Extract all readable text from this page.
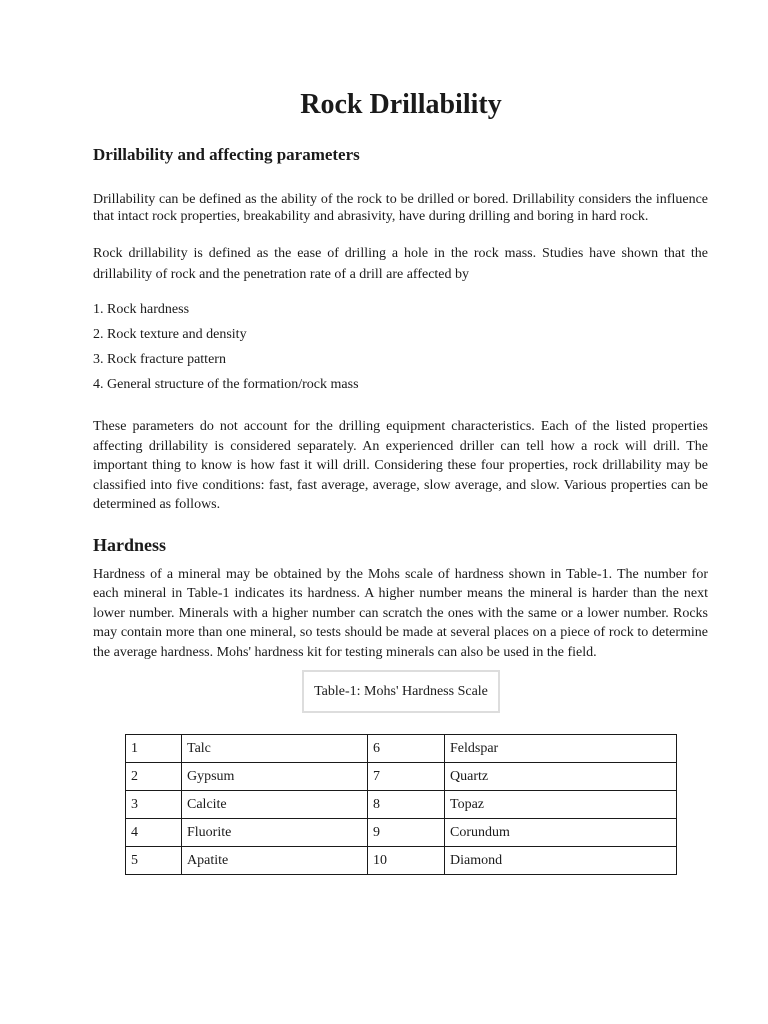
Rock Drillability
Drillability and affecting parameters

Drillability can be defined as the ability of the rock to be drilled or bored. Drillability considers the influence that intact rock properties, breakability and abrasivity, have during drilling and boring in hard rock.

Rock drillability is defined as the ease of drilling a hole in the rock mass. Studies have shown that the drillability of rock and the penetration rate of a drill are affected by

1. Rock hardness
2. Rock texture and density
3. Rock fracture pattern
4. General structure of the formation/rock mass

These parameters do not account for the drilling equipment characteristics. Each of the listed properties affecting drillability is considered separately. An experienced driller can tell how a rock will drill. The important thing to know is how fast it will drill. Considering these four properties, rock drillability may be classified into five conditions: fast, fast average, average, slow average, and slow. Various properties can be determined as follows.

Hardness

Hardness of a mineral may be obtained by the Mohs scale of hardness shown in Table-1. The number for each mineral in Table-1 indicates its hardness. A higher number means the mineral is harder than the next lower number. Minerals with a higher number can scratch the ones with the same or a lower number. Rocks may contain more than one mineral, so tests should be made at several places on a piece of rock to determine the average hardness. Mohs' hardness kit for testing minerals can also be used in the field.

Table-1: Mohs' Hardness Scale
1	Talc	6	Feldspar
2	Gypsum	7	Quartz
3	Calcite	8	Topaz
4	Fluorite	9	Corundum
5	Apatite	10	Diamond
